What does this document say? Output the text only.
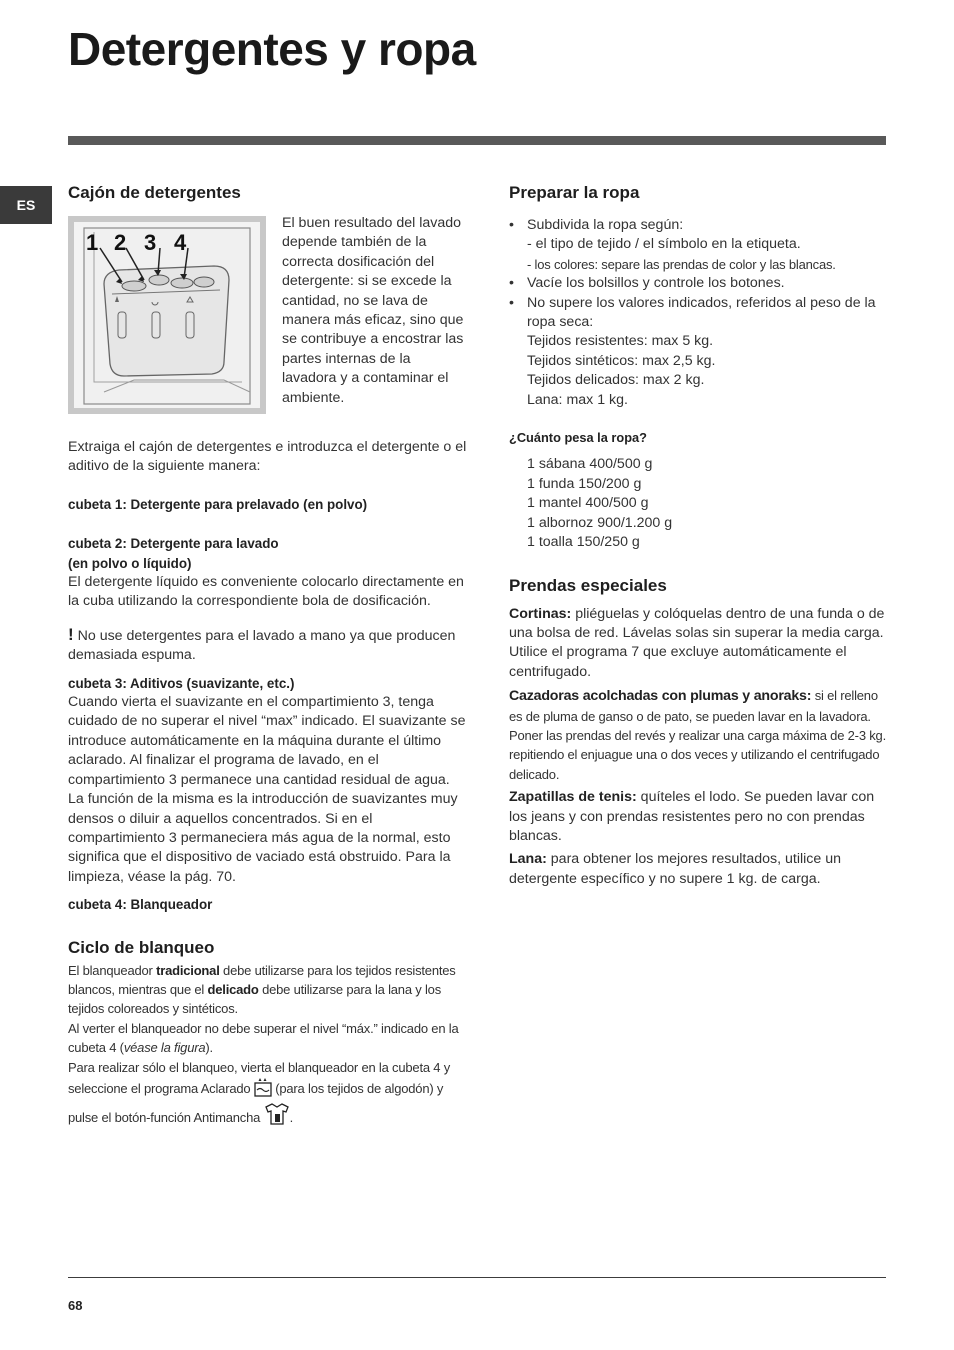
Detergentes y ropa
ES
Cajón de detergentes
1 2 3 4

El buen resultado del lavado depende también de la correcta dosificación del detergente: si se excede la cantidad, no se lava de manera más eficaz, sino que se contribuye a encostrar las partes internas de la lavadora y a contaminar el ambiente.

Extraiga el cajón de detergentes e introduzca el detergente o el aditivo de la siguiente manera:

cubeta 1: Detergente para prelavado (en polvo)

cubeta 2: Detergente para lavado

(en polvo o líquido)

El detergente líquido es conveniente colocarlo directamente en la cuba utilizando la correspondiente bola de dosificación.

! No use detergentes para el lavado a mano ya que producen demasiada espuma.

cubeta 3: Aditivos (suavizante, etc.)

Cuando vierta el suavizante en el compartimiento 3, tenga cuidado de no superar el nivel “max” indicado. El suavizante se introduce automáticamente en la máquina durante el último aclarado. Al finalizar el programa de lavado, en el compartimiento 3 permanece una cantidad residual de agua. La función de la misma es la introducción de suavizantes muy densos o diluir a aquellos concentrados. Si en el compartimiento 3 permaneciera más agua de la normal, esto significa que el dispositivo de vaciado está obstruido. Para la limpieza, véase la pág. 70.

cubeta 4: Blanqueador

Ciclo de blanqueo

El blanqueador tradicional debe utilizarse para los tejidos resistentes blancos, mientras que el delicado debe utilizarse para la lana y los tejidos coloreados y sintéticos.

Al verter el blanqueador no debe superar el nivel “máx.” indicado en la cubeta 4 (véase la figura).

Para realizar sólo el blanqueo, vierta el blanqueador en la cubeta 4 y seleccione el programa Aclarado  (para los tejidos de algodón) y pulse el botón-función Antimancha .

Preparar la ropa
• Subdivida la ropa según:
- el tipo de tejido / el símbolo en la etiqueta.
- los colores: separe las prendas de color y las blancas.
• Vacíe los bolsillos y controle los botones.
• No supere los valores indicados, referidos al peso de la ropa seca:
Tejidos resistentes: max 5 kg.
Tejidos sintéticos: max 2,5 kg.
Tejidos delicados: max 2 kg.
Lana: max 1 kg.

¿Cuánto pesa la ropa?

1 sábana 400/500 g
1 funda 150/200 g
1 mantel 400/500 g
1 albornoz 900/1.200 g
1 toalla 150/250 g
Prendas especiales

Cortinas: pliéguelas y colóquelas dentro de una funda o de una bolsa de red. Lávelas solas sin superar la media carga. Utilice el programa 7 que excluye automáticamente el centrifugado.

Cazadoras acolchadas con plumas y anoraks: si el relleno es de pluma de ganso o de pato, se pueden lavar en la lavadora. Poner las prendas del revés y realizar una carga máxima de 2-3 kg. repitiendo el enjuague una o dos veces y utilizando el centrifugado delicado.

Zapatillas de tenis: quíteles el lodo. Se pueden lavar con los jeans y con prendas resistentes pero no con prendas blancas.

Lana: para obtener los mejores resultados, utilice un detergente específico y no supere 1 kg. de carga.

68
